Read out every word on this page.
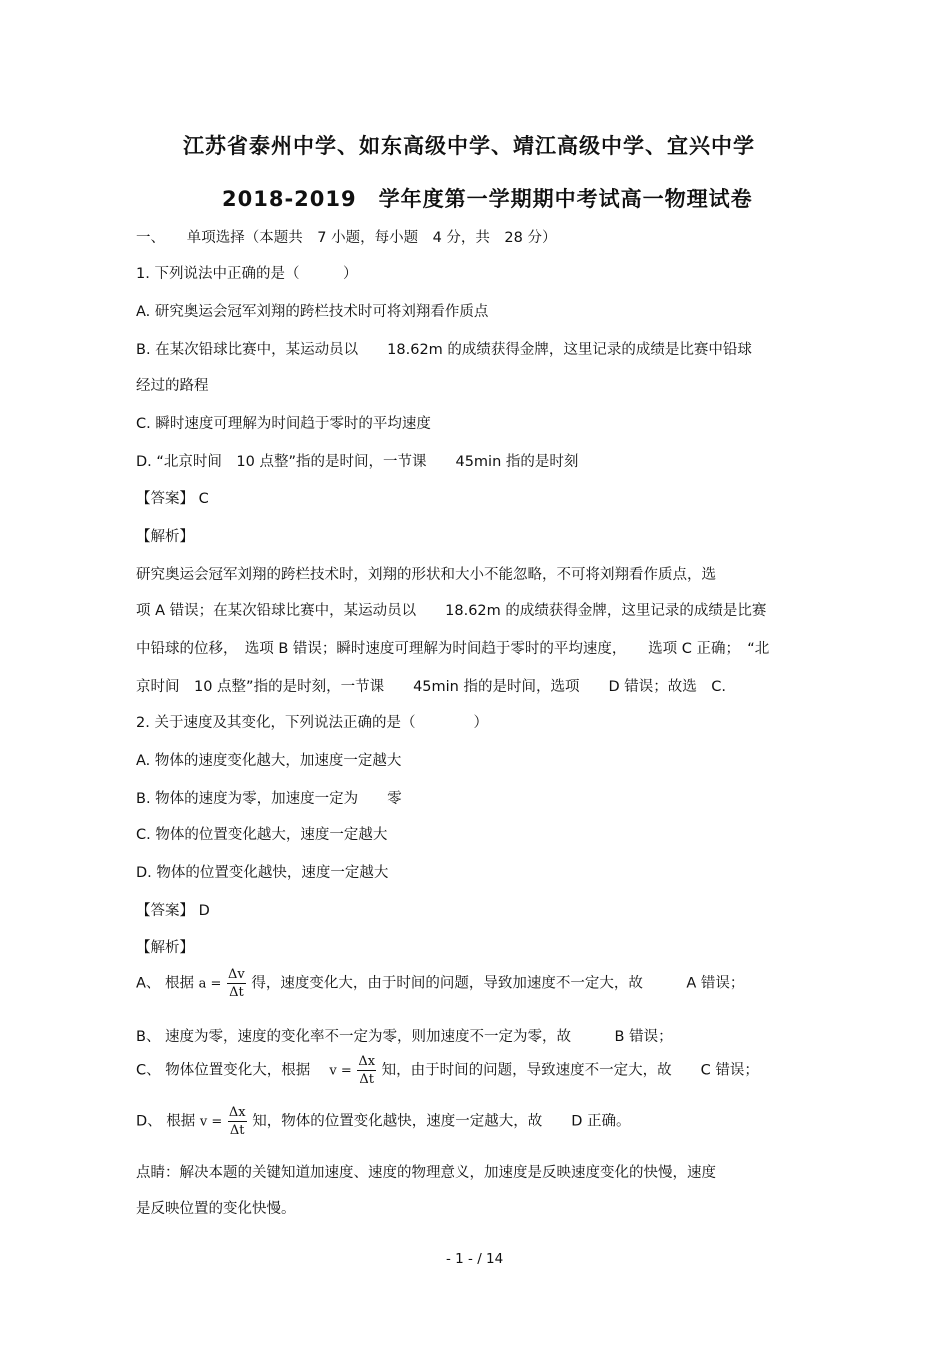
江苏省泰州中学、如东高级中学、靖江高级中学、宜兴中学
2018-2019　学年度第一学期期中考试高一物理试卷
一、　　单项选择（本题共　7 小题，每小题　4 分，共　28 分）
1. 下列说法中正确的是（　　　）
A. 研究奥运会冠军刘翔的跨栏技术时可将刘翔看作质点
B. 在某次铅球比赛中，某运动员以　　18.62m 的成绩获得金牌，这里记录的成绩是比赛中铅球
经过的路程
C. 瞬时速度可理解为时间趋于零时的平均速度
D. “北京时间　10 点整”指的是时间，一节课　　45min 指的是时刻
【答案】 C
【解析】
研究奥运会冠军刘翔的跨栏技术时，刘翔的形状和大小不能忽略，不可将刘翔看作质点，选
项 A 错误；在某次铅球比赛中，某运动员以　　18.62m 的成绩获得金牌，这里记录的成绩是比赛
中铅球的位移，　选项 B 错误；瞬时速度可理解为时间趋于零时的平均速度，　　选项 C 正确；　“北
京时间　10 点整”指的是时刻，一节课　　45min 指的是时间，选项　　D 错误；故选　C.
2. 关于速度及其变化，下列说法正确的是（　　　　）
A. 物体的速度变化越大，加速度一定越大
B. 物体的速度为零，加速度一定为　　零
C. 物体的位置变化越大，速度一定越大
D. 物体的位置变化越快，速度一定越大
【答案】 D
【解析】
A、 根据 $a = \frac{\Delta v}{\Delta t}$ 得，速度变化大，由于时间的问题，导致加速度不一定大，故　　　A 错误；
B、 速度为零，速度的变化率不一定为零，则加速度不一定为零，故　　　B 错误；
C、 物体位置变化大，根据　 $v = \frac{\Delta x}{\Delta t}$ 知，由于时间的问题，导致速度不一定大，故　　C 错误；
D、 根据 $v = \frac{\Delta x}{\Delta t}$ 知，物体的位置变化越快，速度一定越大，故　　D 正确。
点睛：解决本题的关键知道加速度、速度的物理意义，加速度是反映速度变化的快慢，速度
是反映位置的变化快慢。
- 1 - / 14
